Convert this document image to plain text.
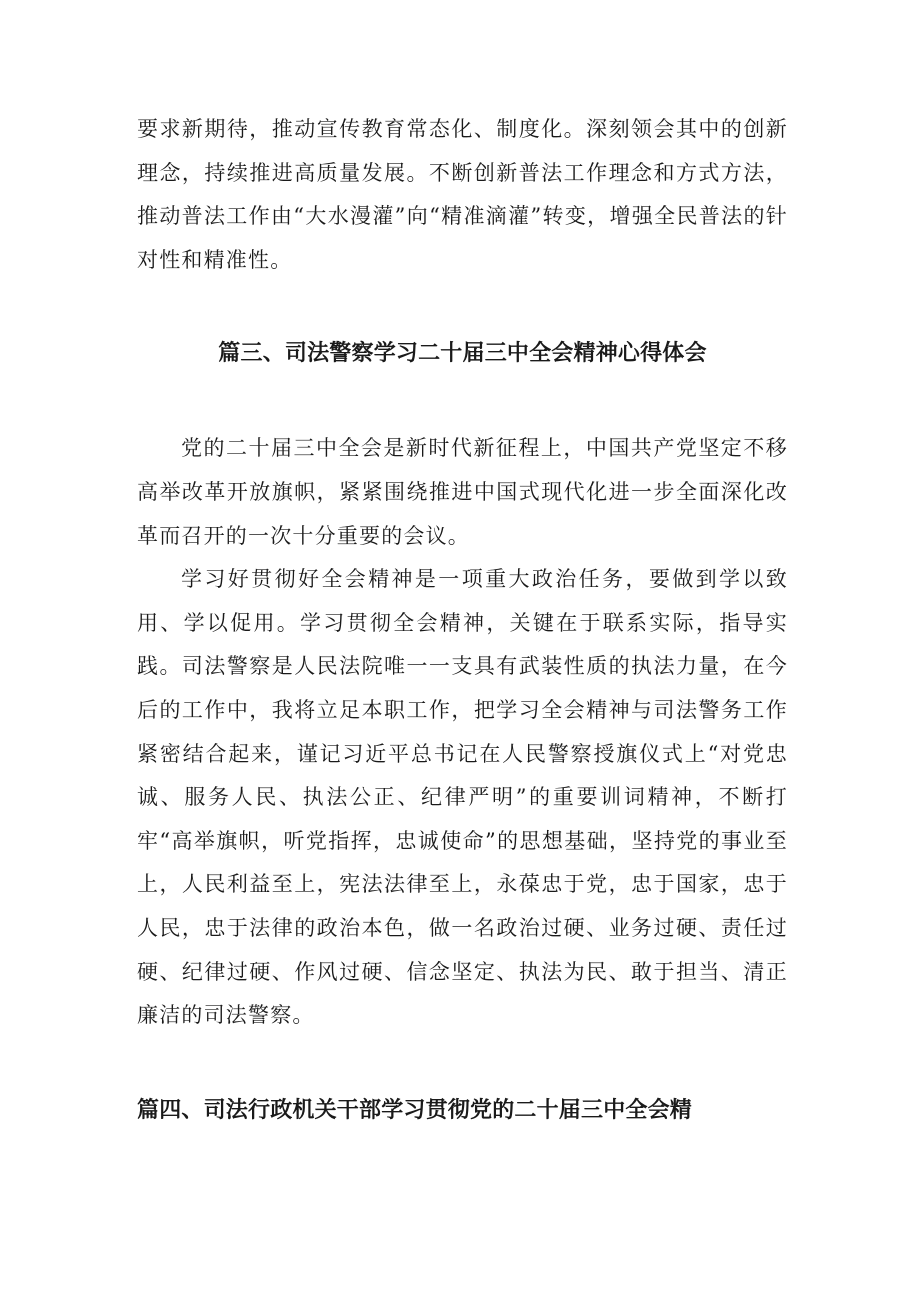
要求新期待，推动宣传教育常态化、制度化。深刻领会其中的创新理念，持续推进高质量发展。不断创新普法工作理念和方式方法，推动普法工作由“大水漫灌”向“精准滴灌”转变，增强全民普法的针对性和精准性。

篇三、司法警察学习二十届三中全会精神心得体会

党的二十届三中全会是新时代新征程上，中国共产党坚定不移高举改革开放旗帜，紧紧围绕推进中国式现代化进一步全面深化改革而召开的一次十分重要的会议。

学习好贯彻好全会精神是一项重大政治任务，要做到学以致用、学以促用。学习贯彻全会精神，关键在于联系实际，指导实践。司法警察是人民法院唯一一支具有武装性质的执法力量，在今后的工作中，我将立足本职工作，把学习全会精神与司法警务工作紧密结合起来，谨记习近平总书记在人民警察授旗仪式上“对党忠诚、服务人民、执法公正、纪律严明”的重要训词精神，不断打牢“高举旗帜，听党指挥，忠诚使命”的思想基础，坚持党的事业至上，人民利益至上，宪法法律至上，永葆忠于党，忠于国家，忠于人民，忠于法律的政治本色，做一名政治过硬、业务过硬、责任过硬、纪律过硬、作风过硬、信念坚定、执法为民、敢于担当、清正廉洁的司法警察。

篇四、司法行政机关干部学习贯彻党的二十届三中全会精
